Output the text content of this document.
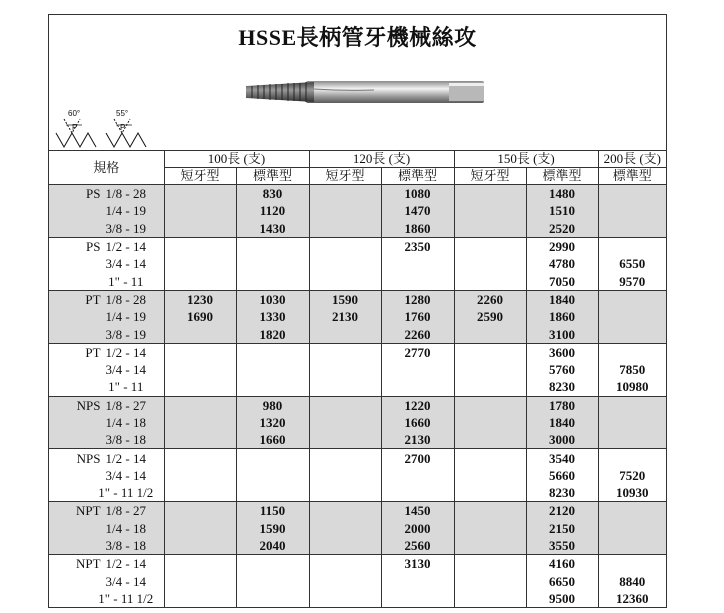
HSSE長柄管牙機械絲攻
60°	55°
P	P
規格	100長 (支)		120長 (支)		150長 (支)		200長 (支)
	短牙型	標準型	短牙型	標準型	短牙型	標準型	標準型
PS 1/8 - 28		830		1080		1480	
1/4 - 19		1120		1470		1510	
3/8 - 19		1430		1860		2520	
PS 1/2 - 14				2350		2990	
3/4 - 14						4780	6550
1" - 11						7050	9570
PT 1/8 - 28	1230	1030	1590	1280	2260	1840	
1/4 - 19	1690	1330	2130	1760	2590	1860	
3/8 - 19		1820		2260		3100	
PT 1/2 - 14				2770		3600	
3/4 - 14						5760	7850
1" - 11						8230	10980
NPS 1/8 - 27		980		1220		1780	
1/4 - 18		1320		1660		1840	
3/8 - 18		1660		2130		3000	
NPS 1/2 - 14				2700		3540	
3/4 - 14						5660	7520
1" - 11 1/2						8230	10930
NPT 1/8 - 27		1150		1450		2120	
1/4 - 18		1590		2000		2150	
3/8 - 18		2040		2560		3550	
NPT 1/2 - 14				3130		4160	
3/4 - 14						6650	8840
1" - 11 1/2						9500	12360
